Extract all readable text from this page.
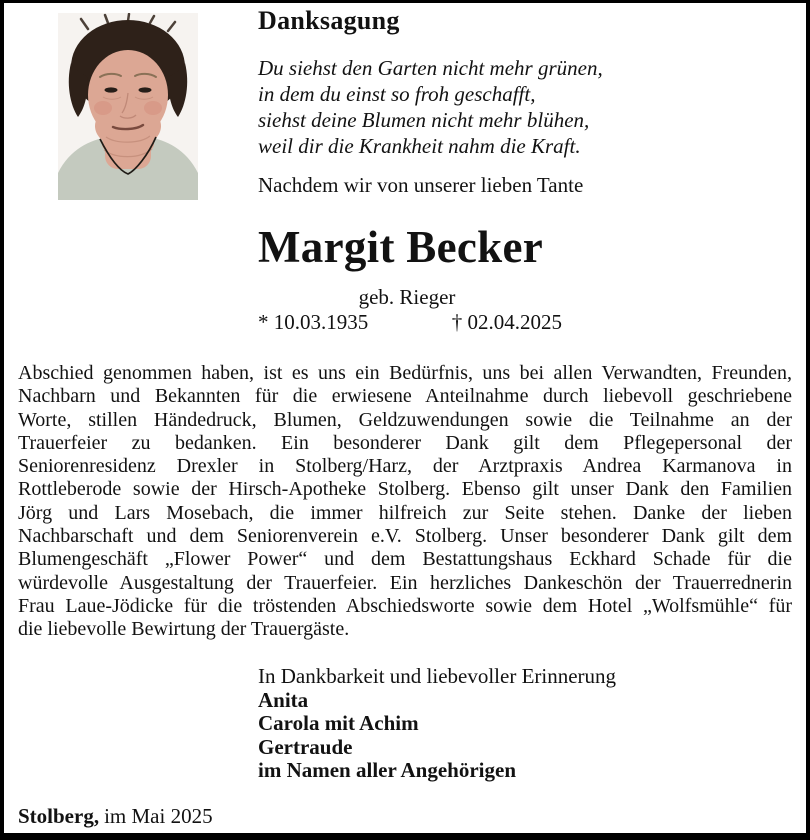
Danksagung
Du siehst den Garten nicht mehr grünen,
in dem du einst so froh geschafft,
siehst deine Blumen nicht mehr blühen,
weil dir die Krankheit nahm die Kraft.
Nachdem wir von unserer lieben Tante
Margit Becker
geb. Rieger
* 10.03.1935	† 02.04.2025
Abschied genommen haben, ist es uns ein Bedürfnis, uns bei allen Verwandten, Freunden,
Nachbarn und Bekannten für die erwiesene Anteilnahme durch liebevoll geschriebene
Worte, stillen Händedruck, Blumen, Geldzuwendungen sowie die Teilnahme an der
Trauerfeier zu bedanken. Ein besonderer Dank gilt dem Pflegepersonal der
Seniorenresidenz Drexler in Stolberg/Harz, der Arztpraxis Andrea Karmanova in
Rottleberode sowie der Hirsch-Apotheke Stolberg. Ebenso gilt unser Dank den Familien
Jörg und Lars Mosebach, die immer hilfreich zur Seite stehen. Danke der lieben
Nachbarschaft und dem Seniorenverein e.V. Stolberg. Unser besonderer Dank gilt dem
Blumengeschäft „Flower Power“ und dem Bestattungshaus Eckhard Schade für die
würdevolle Ausgestaltung der Trauerfeier. Ein herzliches Dankeschön der Trauerrednerin
Frau Laue-Jödicke für die tröstenden Abschiedsworte sowie dem Hotel „Wolfsmühle“ für
die liebevolle Bewirtung der Trauergäste.
In Dankbarkeit und liebevoller Erinnerung
Anita
Carola mit Achim
Gertraude
im Namen aller Angehörigen
Stolberg, im Mai 2025
